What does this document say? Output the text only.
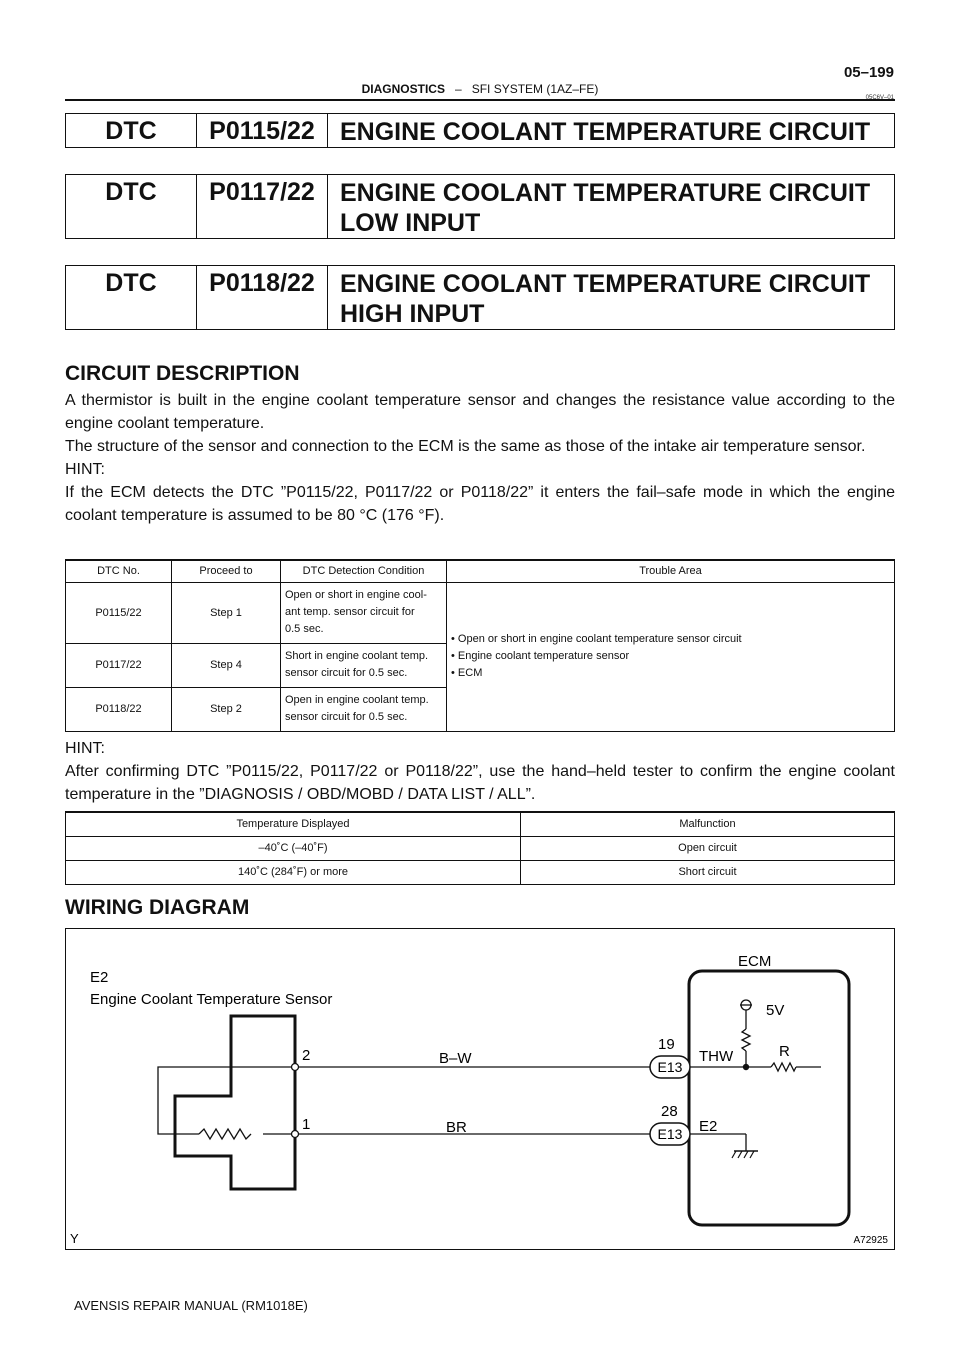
05–199
DIAGNOSTICS – SFI SYSTEM (1AZ–FE)
05C6V–01
DTC	P0115/22	ENGINE COOLANT TEMPERATURE CIRCUIT
DTC	P0117/22	ENGINE COOLANT TEMPERATURE CIRCUIT
LOW INPUT
DTC	P0118/22	ENGINE COOLANT TEMPERATURE CIRCUIT
HIGH INPUT
CIRCUIT DESCRIPTION
A thermistor is built in the engine coolant temperature sensor and changes the resistance value according to the engine coolant temperature.
The structure of the sensor and connection to the ECM is the same as those of the intake air temperature sensor.
HINT:
If the ECM detects the DTC ”P0115/22, P0117/22 or P0118/22” it enters the fail–safe mode in which the engine coolant temperature is assumed to be 80 °C (176 °F).
DTC No.	Proceed to	DTC Detection Condition	Trouble Area
P0115/22	Step 1	Open or short in engine cool-
ant temp. sensor circuit for
0.5 sec.	• Open or short in engine coolant temperature sensor circuit
• Engine coolant temperature sensor
• ECM

P0117/22	Step 4	Short in engine coolant temp.
sensor circuit for 0.5 sec.	

P0118/22	Step 2	Open in engine coolant temp.
sensor circuit for 0.5 sec.	
HINT:
After confirming DTC ”P0115/22, P0117/22 or P0118/22”, use the hand–held tester to confirm the engine coolant temperature in the ”DIAGNOSIS / OBD/MOBD / DATA LIST / ALL”.
Temperature Displayed	Malfunction
–40˚C (–40˚F)	Open circuit
140˚C (284˚F) or more	Short circuit
WIRING DIAGRAM
E2
Engine Coolant Temperature Sensor
2
1
B–W
BR
ECM
E13
19
E13
28
5V
THW	R
E2
Y	A72925
AVENSIS REPAIR MANUAL (RM1018E)
